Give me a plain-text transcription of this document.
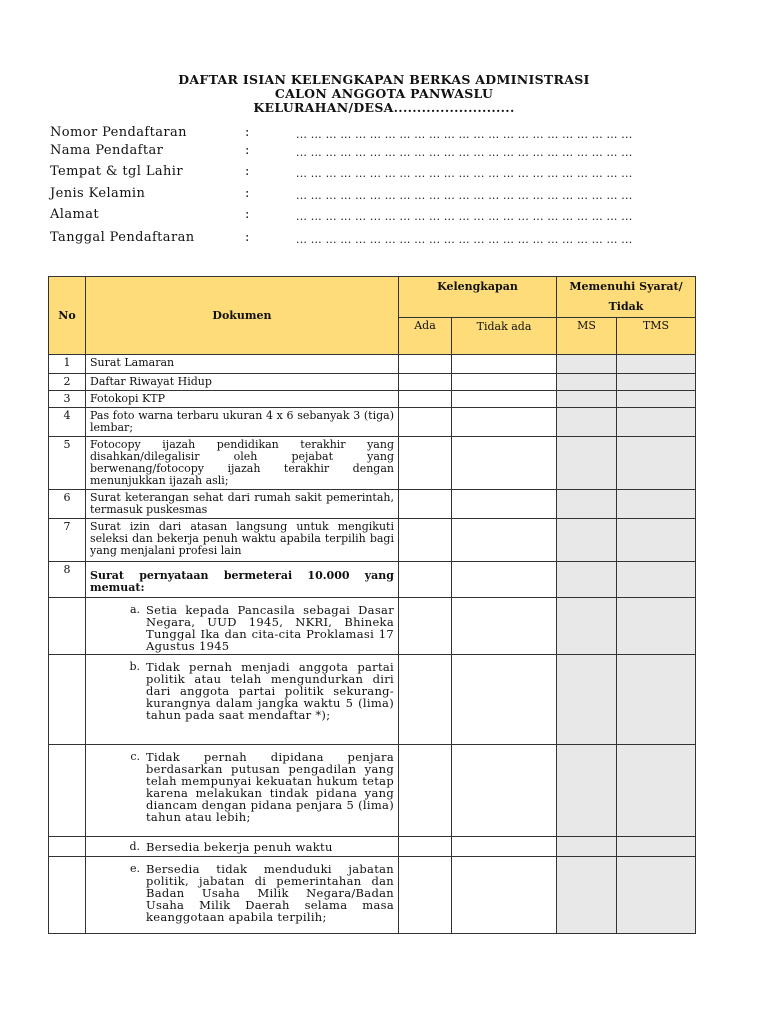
DAFTAR ISIAN KELENGKAPAN BERKAS ADMINISTRASI
CALON ANGGOTA PANWASLU
KELURAHAN/DESA..........................
Nomor Pendaftaran	:	... ... ... ... ... ... ... ... ... ... ... ... ... ... ... ... ... ... ... ... ... ... ...
Nama Pendaftar	:	... ... ... ... ... ... ... ... ... ... ... ... ... ... ... ... ... ... ... ... ... ... ...
Tempat & tgl Lahir	:	... ... ... ... ... ... ... ... ... ... ... ... ... ... ... ... ... ... ... ... ... ... ...
Jenis Kelamin	:	... ... ... ... ... ... ... ... ... ... ... ... ... ... ... ... ... ... ... ... ... ... ...
Alamat	:	... ... ... ... ... ... ... ... ... ... ... ... ... ... ... ... ... ... ... ... ... ... ...
Tanggal Pendaftaran	:	... ... ... ... ... ... ... ... ... ... ... ... ... ... ... ... ... ... ... ... ... ... ...
No	Dokumen	Kelengkapan		Memenuhi Syarat/ Tidak	
		Ada	Tidak ada	MS	TMS
1	Surat Lamaran				
2	Daftar Riwayat Hidup				
3	Fotokopi KTP				
4	Pas foto warna terbaru ukuran 4 x 6 sebanyak 3 (tiga) lembar;				
5	Fotocopy ijazah pendidikan terakhir yang disahkan/dilegalisir oleh pejabat yang berwenang/fotocopy ijazah terakhir dengan menunjukkan ijazah asli;				
6	Surat keterangan sehat dari rumah sakit pemerintah, termasuk puskesmas				
7	Surat izin dari atasan langsung untuk mengikuti seleksi dan bekerja penuh waktu apabila terpilih bagi yang menjalani profesi lain				
8	Surat pernyataan bermeterai 10.000 yang memuat:				

	a. Setia kepada Pancasila sebagai Dasar Negara, UUD 1945, NKRI, Bhineka Tunggal Ika dan cita-cita Proklamasi 17 Agustus 1945				

	b. Tidak pernah menjadi anggota partai politik atau telah mengundurkan diri dari anggota partai politik sekurang-kurangnya dalam jangka waktu 5 (lima) tahun pada saat mendaftar *);				

	c. Tidak pernah dipidana penjara berdasarkan putusan pengadilan yang telah mempunyai kekuatan hukum tetap karena melakukan tindak pidana yang diancam dengan pidana penjara 5 (lima) tahun atau lebih;				

	d. Bersedia bekerja penuh waktu				

	e. Bersedia tidak menduduki jabatan politik, jabatan di pemerintahan dan Badan Usaha Milik Negara/Badan Usaha Milik Daerah selama masa keanggotaan apabila terpilih;				
